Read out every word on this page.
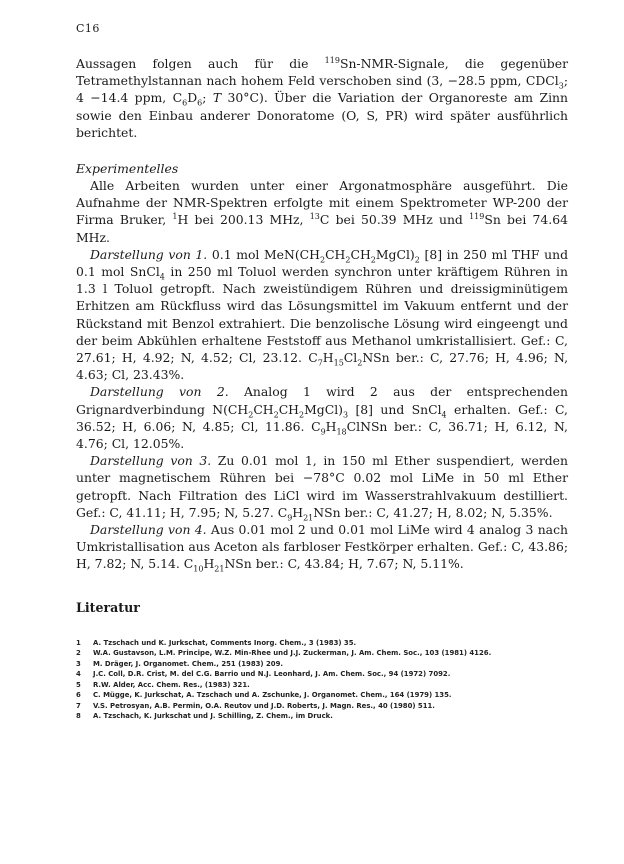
C16

Aussagen folgen auch für die $^{119}$Sn-NMR-Signale, die gegenüber Tetramethylstannan nach hohem Feld verschoben sind (3, −28.5 ppm, CDCl$_3$; 4 −14.4 ppm, $C_6D_6$; T 30°C). Über die Variation der Organoreste am Zinn sowie den Einbau anderer Donoratome (O, S, PR) wird später ausführlich berichtet.

Experimentelles

Alle Arbeiten wurden unter einer Argonatmosphäre ausgeführt. Die Aufnahme der NMR-Spektren erfolgte mit einem Spektrometer WP-200 der Firma Bruker, $^1$H bei 200.13 MHz, $^{13}$C bei 50.39 MHz und $^{119}$Sn bei 74.64 MHz.

Darstellung von 1. 0.1 mol $MeN(CH_2CH_2CH_2MgCl)_2$ [8] in 250 ml THF und 0.1 mol SnCl$_4$ in 250 ml Toluol werden synchron unter kräftigem Rühren in 1.3 l Toluol getropft. Nach zweistündigem Rühren und dreissigminütigem Erhitzen am Rückfluss wird das Lösungsmittel im Vakuum entfernt und der Rückstand mit Benzol extrahiert. Die benzolische Lösung wird eingeengt und der beim Abkühlen erhaltene Feststoff aus Methanol umkristallisiert. Gef.: C, 27.61; H, 4.92; N, 4.52; Cl, 23.12. $C_7H_{15}Cl_2NSn$ ber.: C, 27.76; H, 4.96; N, 4.63; Cl, 23.43%.

Darstellung von 2. Analog 1 wird 2 aus der entsprechenden Grignardverbindung $N(CH_2CH_2CH_2MgCl)_3$ [8] und SnCl$_4$ erhalten. Gef.: C, 36.52; H, 6.06; N, 4.85; Cl, 11.86. $C_9H_{18}ClNSn$ ber.: C, 36.71; H, 6.12, N, 4.76; Cl, 12.05%.

Darstellung von 3. Zu 0.01 mol 1, in 150 ml Ether suspendiert, werden unter magnetischem Rühren bei −78°C 0.02 mol LiMe in 50 ml Ether getropft. Nach Filtration des LiCl wird im Wasserstrahlvakuum destilliert. Gef.: C, 41.11; H, 7.95; N, 5.27. $C_9H_{21}NSn$ ber.: C, 41.27; H, 8.02; N, 5.35%.

Darstellung von 4. Aus 0.01 mol 2 und 0.01 mol LiMe wird 4 analog 3 nach Umkristallisation aus Aceton als farbloser Festkörper erhalten. Gef.: C, 43.86; H, 7.82; N, 5.14. $C_{10}H_{21}NSn$ ber.: C, 43.84; H, 7.67; N, 5.11%.

Literatur
1	A. Tzschach und K. Jurkschat, Comments Inorg. Chem., 3 (1983) 35.
2	W.A. Gustavson, L.M. Principe, W.Z. Min-Rhee und J.J. Zuckerman, J. Am. Chem. Soc., 103 (1981) 4126.
3	M. Dräger, J. Organomet. Chem., 251 (1983) 209.
4	J.C. Coll, D.R. Crist, M. del C.G. Barrio und N.J. Leonhard, J. Am. Chem. Soc., 94 (1972) 7092.
5	R.W. Alder, Acc. Chem. Res., (1983) 321.
6	C. Mügge, K. Jurkschat, A. Tzschach und A. Zschunke, J. Organomet. Chem., 164 (1979) 135.
7	V.S. Petrosyan, A.B. Permin, O.A. Reutov und J.D. Roberts, J. Magn. Res., 40 (1980) 511.
8	A. Tzschach, K. Jurkschat und J. Schilling, Z. Chem., im Druck.
